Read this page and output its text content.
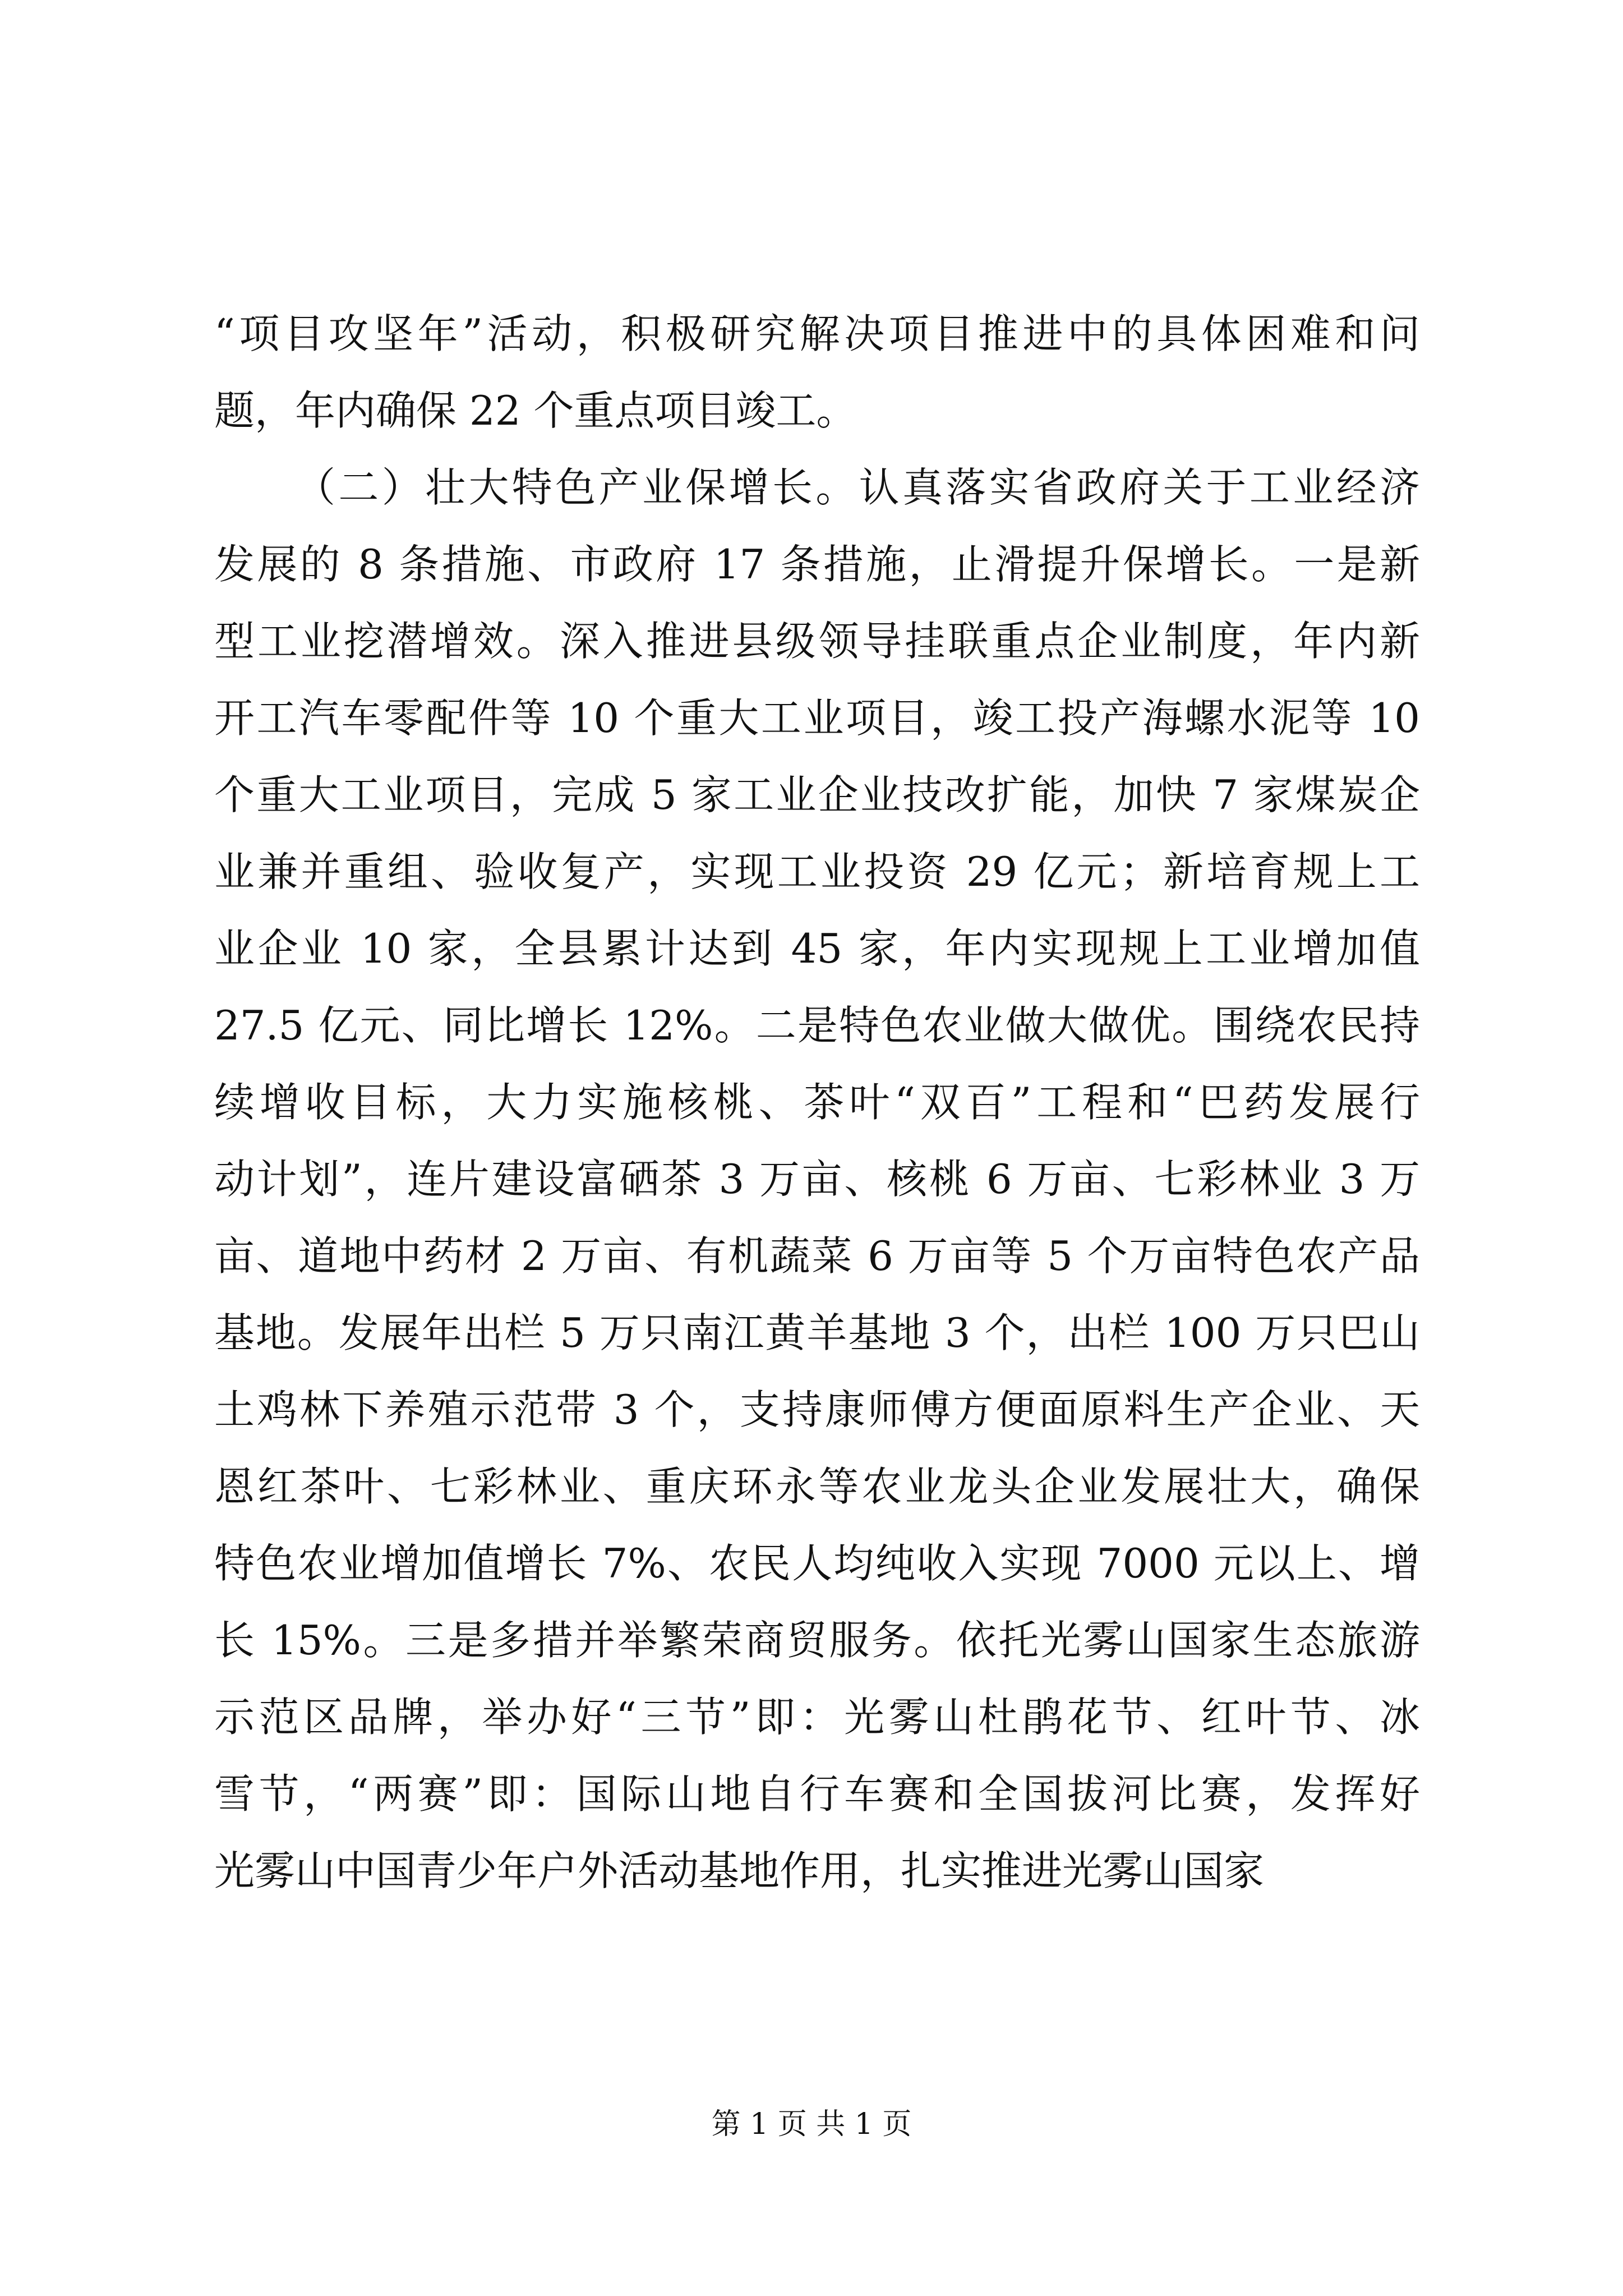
“项目攻坚年”活动，积极研究解决项目推进中的具体困难和问
题，年内确保 22 个重点项目竣工。
（二）壮大特色产业保增长。认真落实省政府关于工业经济
发展的 8 条措施、市政府 17 条措施，止滑提升保增长。一是新
型工业挖潜增效。深入推进县级领导挂联重点企业制度，年内新
开工汽车零配件等 10 个重大工业项目，竣工投产海螺水泥等 10
个重大工业项目，完成 5 家工业企业技改扩能，加快 7 家煤炭企
业兼并重组、验收复产，实现工业投资 29 亿元；新培育规上工
业企业 10 家，全县累计达到 45 家，年内实现规上工业增加值
27.5 亿元、同比增长 12%。二是特色农业做大做优。围绕农民持
续增收目标，大力实施核桃、茶叶“双百”工程和“巴药发展行
动计划”，连片建设富硒茶 3 万亩、核桃 6 万亩、七彩林业 3 万
亩、道地中药材 2 万亩、有机蔬菜 6 万亩等 5 个万亩特色农产品
基地。发展年出栏 5 万只南江黄羊基地 3 个，出栏 100 万只巴山
土鸡林下养殖示范带 3 个，支持康师傅方便面原料生产企业、天
恩红茶叶、七彩林业、重庆环永等农业龙头企业发展壮大，确保
特色农业增加值增长 7%、农民人均纯收入实现 7000 元以上、增
长 15%。三是多措并举繁荣商贸服务。依托光雾山国家生态旅游
示范区品牌，举办好“三节”即：光雾山杜鹃花节、红叶节、冰
雪节，“两赛”即：国际山地自行车赛和全国拔河比赛，发挥好
光雾山中国青少年户外活动基地作用，扎实推进光雾山国家
第 1 页 共 1 页
